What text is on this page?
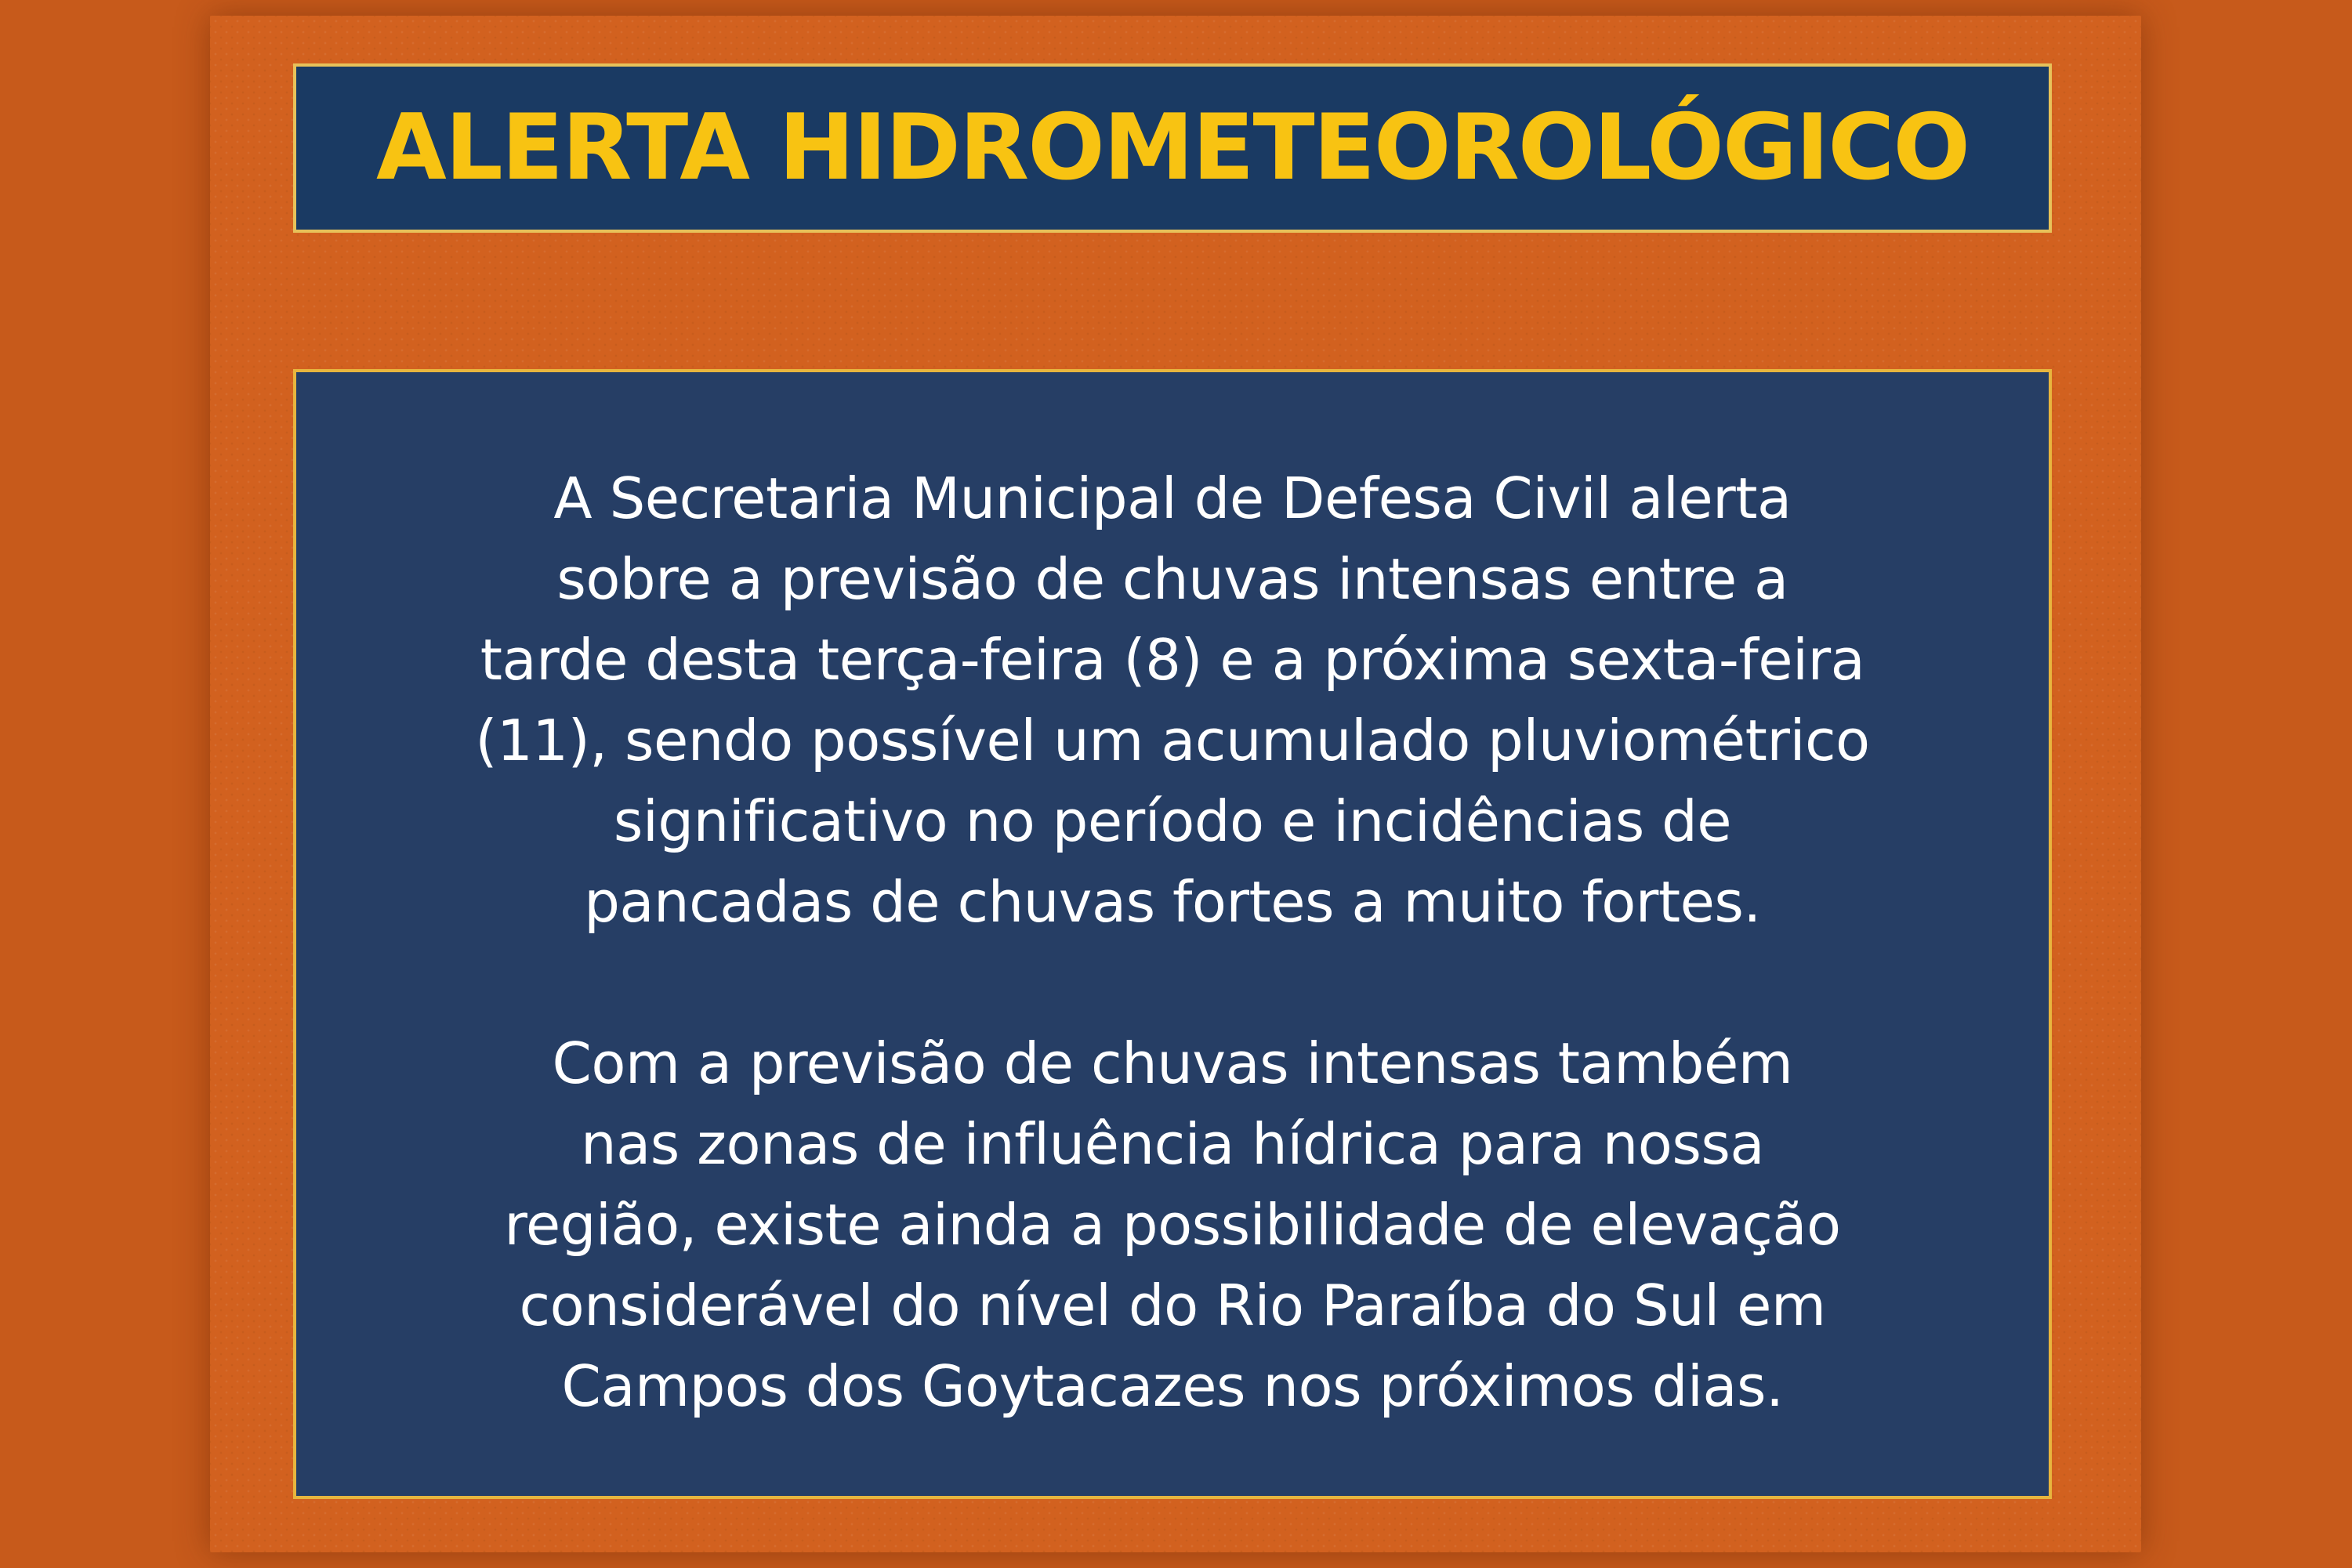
ALERTA HIDROMETEOROLÓGICO

A Secretaria Municipal de Defesa Civil alerta
sobre a previsão de chuvas intensas entre a
tarde desta terça-feira (8) e a próxima sexta-feira
(11), sendo possível um acumulado pluviométrico
significativo no período e incidências de
pancadas de chuvas fortes a muito fortes.

Com a previsão de chuvas intensas também
nas zonas de influência hídrica para nossa
região, existe ainda a possibilidade de elevação
considerável do nível do Rio Paraíba do Sul em
Campos dos Goytacazes nos próximos dias.
